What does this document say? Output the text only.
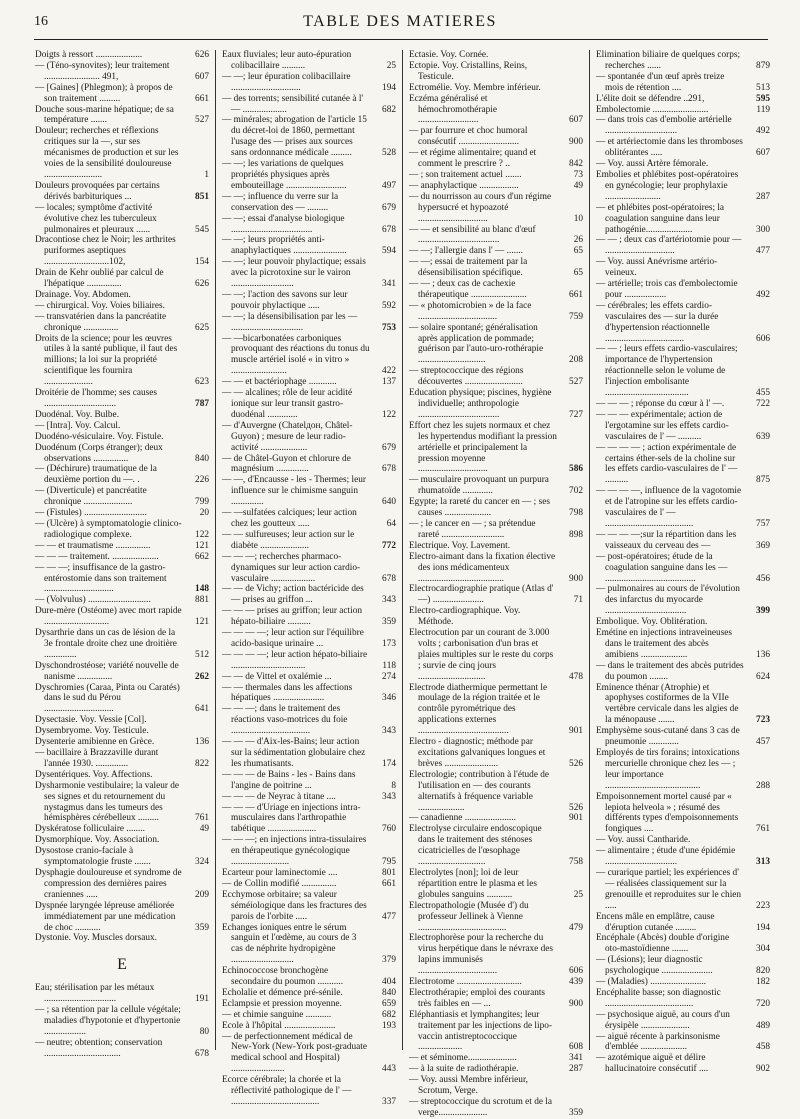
16	TABLE DES MATIERES

Doigts à ressort ....................	626

— (Téno-synovites); leur traitement ........................ 491,	607

— [Gaines] (Phlegmon); à propos de son traitement .........	661

Douche sous-marine hépatique; de sa température .......	527

Douleur; recherches et réflexions critiques sur la —, sur ses mécanismes de production et sur les voies de la sensibilité douloureuse .........................	1

Douleurs provoquées par certains dérivés barbituriques ...	851

— locales; symptôme d'activité évolutive chez les tuberculeux pulmonaires et pleuraux ......	545

Dracontiose chez le Noir; les arthrites puriformes aseptiques ............................102,	154

Drain de Kehr oublié par calcul de l'hépatique ...............	626

Drainage. Voy. Abdomen.

— chirurgical. Voy. Voies biliaires.

— transvatérien dans la pancréatite chronique ...............	625

Droits de la science; pour les œuvres utiles à la santé publique, il faut des millions; la loi sur la propriété scientifique les fournira .....................	623

Droitérie de l'homme; ses causes ...............................	787

Duodénal. Voy. Bulbe.

— [Intra]. Voy. Calcul.

Duodéno-vésiculaire. Voy. Fistule.

Duodénum (Corps étranger); deux observations ...............	840

— (Déchirure) traumatique de la deuxième portion du —. .	226

— (Diverticule) et pancréatite chronique .....................	799

— (Fistules) ...........................	20

— (Ulcère) à symptomatologie clinico-radiologique complexe.	122

— — et traumatisme ...............	121

— — — traitement. ....................	662

— — —; insuffisance de la gastro-entérostomie dans son traitement ..............................	148

— (Volvulus) ...........................	881

Dure-mère (Ostéome) avec mort rapide ............................	121

Dysarthrie dans un cas de lésion de la 3e frontale droite chez une droitière ..............	512

Dyschondrostéose; variété nouvelle de nanisme ...............	262

Dyschromies (Caraa, Pinta ou Caratés) dans le sud du Pérou ..............................	641

Dysectasie. Voy. Vessie [Col].

Dysembryome. Voy. Testicule.

Dysenterie amibienne en Grèce.	136

— bacillaire à Brazzaville durant l'année 1930. ..............	822

Dysentériques. Voy. Affections.

Dysharmonie vestibulaire; la valeur de ses signes et du retournement du nystagmus dans les tumeurs des hémisphères cérébelleux .........	761

Dyskératose folliculaire ........	49

Dysmorphique. Voy. Association.

Dysostose cranio-faciale à symptomatologie fruste .......	324

Dysphagie douloureuse et syndrome de compression des dernières paires craniennes .....	209

Dyspnée laryngée lépreuse améliorée immédiatement par une médication de choc ...........	359

Dystonie. Voy. Muscles dorsaux.

E

Eau; stérilisation par les métaux ...............................	191

— ; sa rétention par la cellule végétale; maladies d'hypotonie et d'hypertonie ..................	80

— neutre; obtention; conservation .................................	678

Eaux fluviales; leur auto-épuration colibacillaire ..........	25

— —; leur épuration colibacillaire ..............................	194

— des torrents; sensibilité cutanée à l' — ...................	682

— minérales; abrogation de l'article 15 du décret-loi de 1860, permettant l'usage des — prises aux sources sans ordonnance médicale .........	528

— —; les variations de quelques propriétés physiques après embouteillage ..........................	497

— —; influence du verre sur la conservation des — .........	679

— —; essai d'analyse biologique ...................................	678

— —; leurs propriétés anti-anaphylactiques .......................	594

— —; leur pouvoir phylactique; essais avec la picrotoxine sur le vairon ...........................	341

— —; l'action des savons sur leur pouvoir phylactique .....	592

— —; la désensibilisation par les — ...............................	753

— —bicarbonatées carboniques provoquant des réactions du tonus du muscle artériel isolé « in vitro » ........................	422

— — et bactériophage ............	137

— — alcalines; rôle de leur acidité ionique sur leur transit gastro-duodénal .............	122

— d'Auvergne (Chatelдон, Châtel-Guyon) ; mesure de leur radio-activité ....................	679

— de Châtel-Guyon et chlorure de magnésium ..............	678

— —, d'Encausse - les - Thermes; leur influence sur le chimisme sanguin ..............	640

— —sulfatées calciques; leur action chez les goutteux .....	64

— — sulfureuses; leur action sur le diabète .....................	772

— — —; recherches pharmaco-dynamiques sur leur action cardio-vasculaire ...................	678

— — de Vichy; action bactéricide des — prises au griffon ...	343

— — — prises au griffon; leur action hépato-biliaire ..........	359

— — — —; leur action sur l'équilibre acido-basique urinaire ...	173

— — — —; leur action hépato-biliaire ................................	118

— — de Vittel et oxalémie ...	274

— — thermales dans les affections hépatiques ......................	346

— — —; dans le traitement des réactions vaso-motrices du foie ..................................	343

— — — d'Aix-les-Bains; leur action sur la sédimentation globulaire chez les rhumatisants.	174

— — — de Bains - les - Bains dans l'angine de poitrine ...	8

— — — de Neyrac à titane ....	343

— — — d'Uriage en injections intra-musculaires dans l'arthropathie tabétique .....................	760

— — —; en injections intra-tissulaires en thérapeutique gynécologique .........................	795

Ecarteur pour laminectomie ....	801

— de Collin modifié ...............	661

Ecchymose orbitaire; sa valeur séméiologique dans les fractures des parois de l'orbite .....	477

Echanges ioniques entre le sérum sanguin et l'œdème, au cours de 3 cas de néphrite hydropigène ...........................	379

Echinococcose bronchogène secondaire du poumon ...........	404

Echolalie et démence pré-sénile.	840

Eclampsie et pression moyenne.	659

— et chimie sanguine ...........	682

Ecole à l'hôpital ......................	193

— de perfectionnement médical de New-York (New-York post-graduate medical school and Hospital) .......................	443

Ecorce cérébrale; la chorée et la réflectivité pathologique de l' — ......................................	337

Ectasie. Voy. Cornée.

Ectopie. Voy. Cristallins, Reins, Testicule.

Ectromélie. Voy. Membre inférieur.

Eczéma généralisé et hémochromothérapie ..........................	607

— par fourrure et choc humoral consécutif ..........................	900

— et régime alimentaire; quand et comment le prescrire ? ..	842

— ; son traitement actuel .......	73

— anaphylactique .................	49

— du nourrisson au cours d'un régime hypersucré et hypoazoté ..............................	10

— — et sensibilité au blanc d'œuf ...................................	26

— —; l'allergie dans l' — .......	65

— —; essai de traitement par la désensibilisation spécifique.	65

— — ; deux cas de cachexie thérapeutique ........................	661

— « photomicrobien » de la face ..................................	759

— solaire spontané; généralisation après application de pommade; guérison par l'auto-uro-rothérapie .............................	208

— streptococcique des régions découvertes .........................	527

Education physique; piscines, hygiène individuelle; anthropologie ...................................	727

Effort chez les sujets normaux et chez les hypertendus modifiant la pression artérielle et principalement la pression moyenne ..............................	586

— musculaire provoquant un purpura rhumatoïde .............	702

Egypte; la rareté du cancer en — ; ses causes ....................	798

— ; le cancer en — ; sa prétendue rareté ...........................	898

Electrique. Voy. Lavement.

Electro-aimant dans la fixation élective des ions médicamenteux .....................................	900

Electrocardiographie pratique (Atlas d' —) ......................	71

Electro-cardiographique. Voy. Méthode.

Electrocution par un courant de 3.000 volts ; carbonisation d'un bras et plaies multiples sur le reste du corps ; survie de cinq jours .............................	478

Electrode diathermique permettant le moulage de la région traitée et le contrôle pyrométrique des applications externes .......................................	901

Electro - diagnostic; méthode par excitations galvaniques longues et brèves .......................	526

Electrologie; contribution à l'étude de l'utilisation en — des courants alternatifs à fréquence variable ....................	526

— canadienne ......................	901

Electrolyse circulaire endoscopique dans le traitement des sténoses cicatricielles de l'œsophage .............................	758

Electrolytes [non]; loi de leur répartition entre le plasma et les globules sanguins ...........	25

Electropathologie (Musée d') du professeur Jellinek à Vienne ......................................	479

Electrophorèse pour la recherche du virus herpétique dans le névraxe des lapins immunisés ..................................	606

Electrotome ............................	439

Electrothérapie; emploi des courants très faibles en — ...	900

Eléphantiasis et lymphangites; leur traitement par les injections de lipo-vaccin antistreptococcique ...................	608

— et séminome.....................	341

— à la suite de radiothérapie.	287

— Voy. aussi Membre inférieur, Scrotum, Verge.

— streptococcique du scrotum et de la verge.....................	359

Elimination biliaire de quelques corps; recherches ......	879

— spontanée d'un œuf après treize mois de rétention ....	513

L'élite doit se défendre ..291,	595

Embolectomie ........................	119

— dans trois cas d'embolie artérielle ...............................	492

— et artériectomie dans les thromboses oblitérantes .....	607

— Voy. aussi Artère fémorale.

Embolies et phlébites post-opératoires en gynécologie; leur prophylaxie ........................	287

— et phlébites post-opératoires; la coagulation sanguine dans leur pathogénie....................	300

— — ; deux cas d'artériotomie pour — ..............................	477

— Voy. aussi Anévrisme artério-veineux.

— artérielle; trois cas d'embolectomie pour ..................	492

— cérébrales; les effets cardio-vasculaires des — sur la durée d'hypertension réactionnelle ..................................	606

— — ; leurs effets cardio-vasculaires; importance de l'hypertension réactionnelle selon le volume de l'injection embolisante ....................................	455

— — — ; réponse du cœur à l' —.	722

— — — expérimentale; action de l'ergotamine sur les effets cardio-vasculaires de l' — ..........	639

— — — — ; action expérimentale de certains éther-sels de la choline sur les effets cardio-vasculaires de l' — ..........	875

— — — —, influence de la vagotomie et de l'atropine sur les effets cardio-vasculaires de l' — ......................................	757

— — — —;sur la répartition dans les vaisseaux du cerveau des —	369

— post-opératoires; étude de la coagulation sanguine dans les — .......................................	456

— pulmonaires au cours de l'évolution des infarctus du myocarde ...................................	399

Embolique. Voy. Oblitération.

Emétine en injections intraveineuses dans le traitement des abcès amibiens ....................	136

— dans le traitement des abcès putrides du poumon ........	624

Eminence thénar (Atrophie) et apophyses costiformes de la VIIe vertèbre cervicale dans les algies de la ménopause .......	723

Emphysème sous-cutané dans 3 cas de pneumonie .............	457

Employés de tirs forains; intoxications mercurielle chronique chez les — ; leur importance .........................................	288

Empoisonnement mortel causé par « lepiota helveola » ; résumé des différents types d'empoisonnements fongiques ....	761

— Voy. aussi Cantharide.

— alimentaire ; étude d'une épidémie ...............................	313

— curarique partiel; les expériences d' — réalisées classiquement sur la grenouille et reproduites sur le chien .....	223

Encens mâle en emplâtre, cause d'éruption cutanée .........	194

Encéphale (Abcès) double d'origine oto-mastoïdienne .......	304

— (Lésions); leur diagnostic psychologique ......................	820

— (Maladies) ........................	182

Encéphalite basse; son diagnostic ......................................	720

— psychosique aiguë, au cours d'un érysipèle .....................	489

— aiguë récente à parkinsonisme d'emblée ....................	458

— azotémique aiguë et délire hallucinatoire consécutif ....	902
